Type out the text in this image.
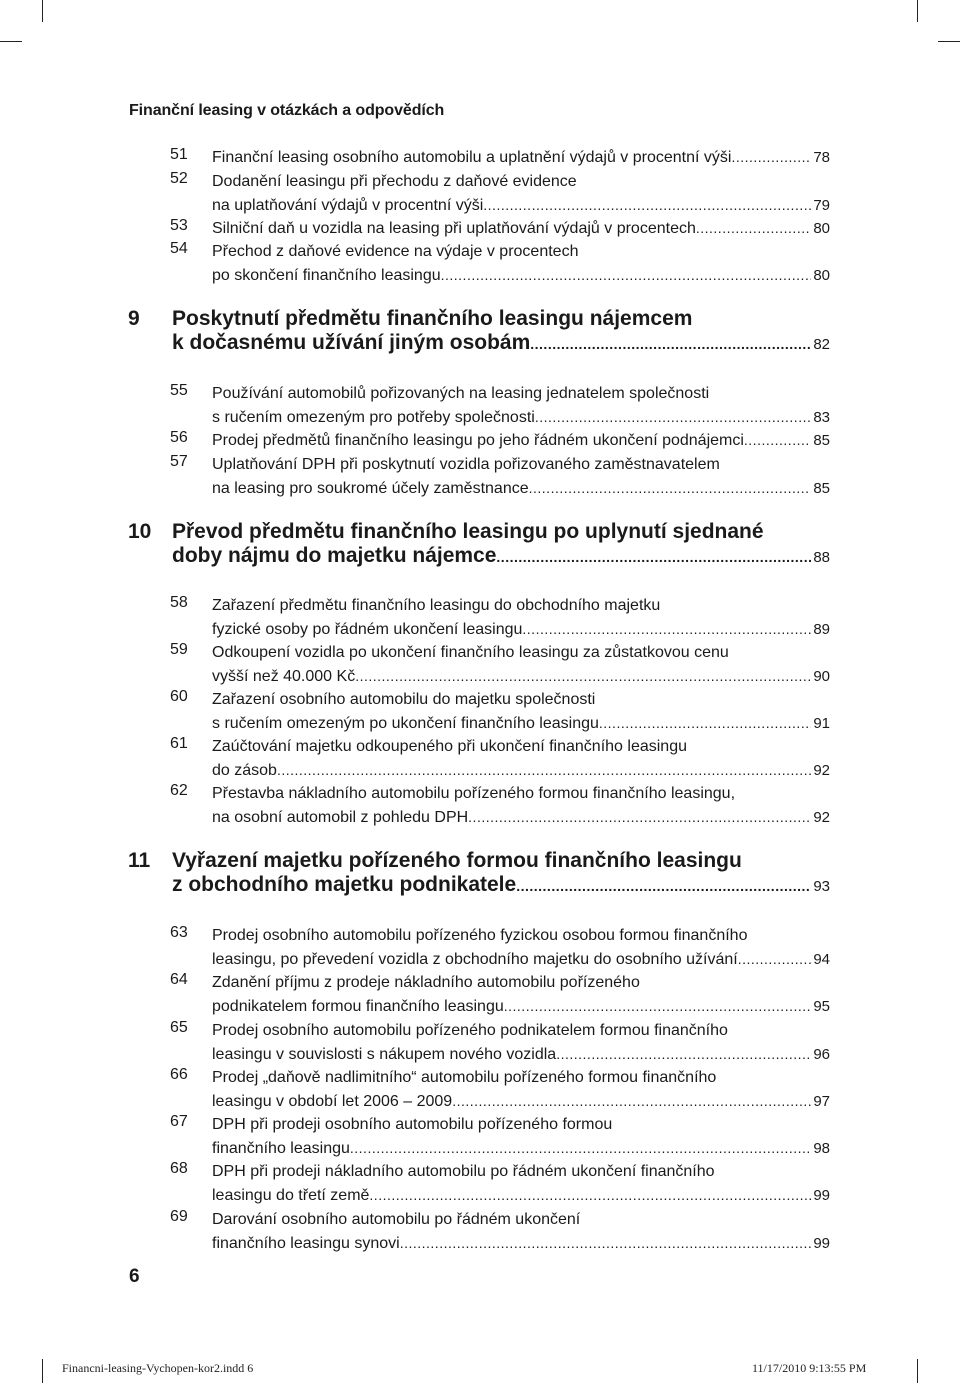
Finanční leasing v otázkách a odpovědích
51 Finanční leasing osobního automobilu a uplatnění výdajů v procentní výši .....	78
52 Dodanění leasingu při přechodu z daňové evidence
na uplatňování výdajů v procentní výši .....	79
53 Silniční daň u vozidla na leasing při uplatňování výdajů v procentech .....	80
54 Přechod z daňové evidence na výdaje v procentech
po skončení finančního leasingu .....	80
9 Poskytnutí předmětu finančního leasingu nájemcem
k dočasnému užívání jiným osobám .....	82
55 Používání automobilů pořizovaných na leasing jednatelem společnosti
s ručením omezeným pro potřeby společnosti .....	83
56 Prodej předmětů finančního leasingu po jeho řádném ukončení podnájemci .....	85
57 Uplatňování DPH při poskytnutí vozidla pořizovaného zaměstnavatelem
na leasing pro soukromé účely zaměstnance .....	85
10 Převod předmětu finančního leasingu po uplynutí sjednané
doby nájmu do majetku nájemce .....	88
58 Zařazení předmětu finančního leasingu do obchodního majetku
fyzické osoby po řádném ukončení leasingu .....	89
59 Odkoupení vozidla po ukončení finančního leasingu za zůstatkovou cenu
vyšší než 40.000 Kč .....	90
60 Zařazení osobního automobilu do majetku společnosti
s ručením omezeným po ukončení finančního leasingu .....	91
61 Zaúčtování majetku odkoupeného při ukončení finančního leasingu
do zásob .....	92
62 Přestavba nákladního automobilu pořízeného formou finančního leasingu,
na osobní automobil z pohledu DPH .....	92
11 Vyřazení majetku pořízeného formou finančního leasingu
z obchodního majetku podnikatele .....	93
63 Prodej osobního automobilu pořízeného fyzickou osobou formou finančního
leasingu, po převedení vozidla z obchodního majetku do osobního užívání .....	94
64 Zdanění příjmu z prodeje nákladního automobilu pořízeného
podnikatelem formou finančního leasingu .....	95
65 Prodej osobního automobilu pořízeného podnikatelem formou finančního
leasingu v souvislosti s nákupem nového vozidla .....	96
66 Prodej „daňově nadlimitního“ automobilu pořízeného formou finančního
leasingu v období let 2006 – 2009 .....	97
67 DPH při prodeji osobního automobilu pořízeného formou
finančního leasingu .....	98
68 DPH při prodeji nákladního automobilu po řádném ukončení finančního
leasingu do třetí země .....	99
69 Darování osobního automobilu po řádném ukončení
finančního leasingu synovi .....	99
6
Financni-leasing-Vychopen-kor2.indd 6	11/17/2010 9:13:55 PM
